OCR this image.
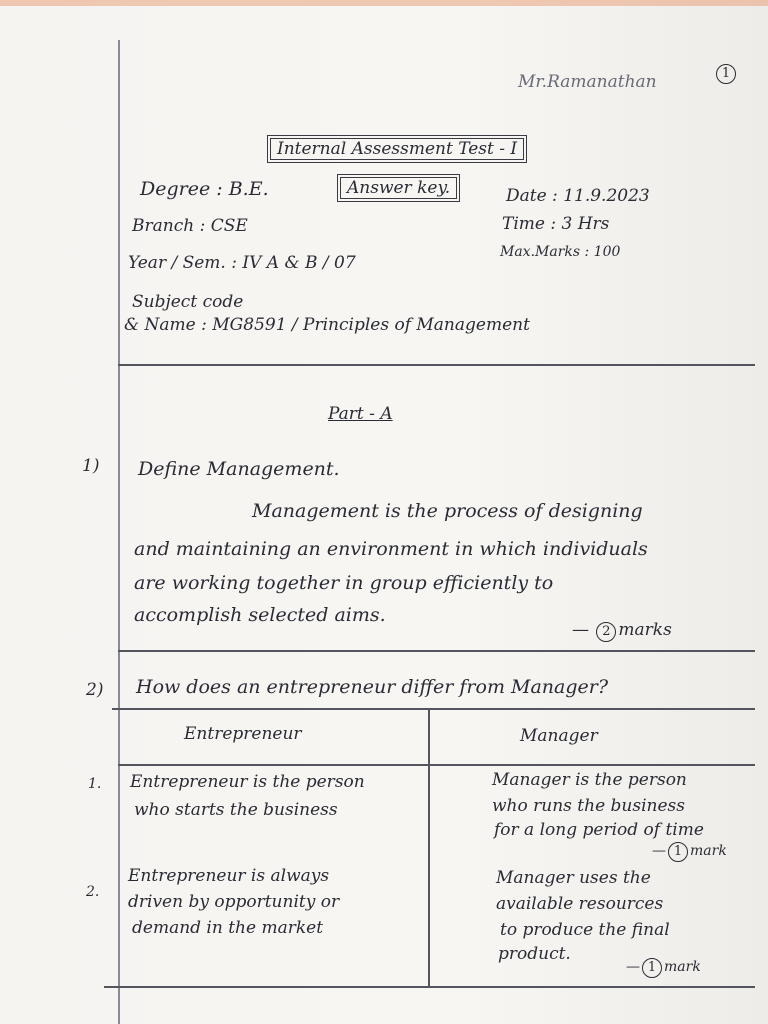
Mr.Ramanathan	1
Internal Assessment Test - I
Answer key.
Degree : B.E.
Branch : CSE
Year / Sem. : IV A & B / 07
Subject code
& Name : MG8591 / Principles of Management
Date : 11.9.2023
Time : 3 Hrs
Max.Marks : 100
Part - A
1) Define Management.
Management is the process of designing
and maintaining an environment in which individuals
are working together in group efficiently to
accomplish selected aims.
— 2 marks
2) How does an entrepreneur differ from Manager?
Entrepreneur	Manager
1. Entrepreneur is the person
who starts the business
Manager is the person
who runs the business
for a long period of time
— 1 mark
2.
Entrepreneur is always
driven by opportunity or
demand in the market
Manager uses the
available resources
to produce the final
product.
— 1 mark
